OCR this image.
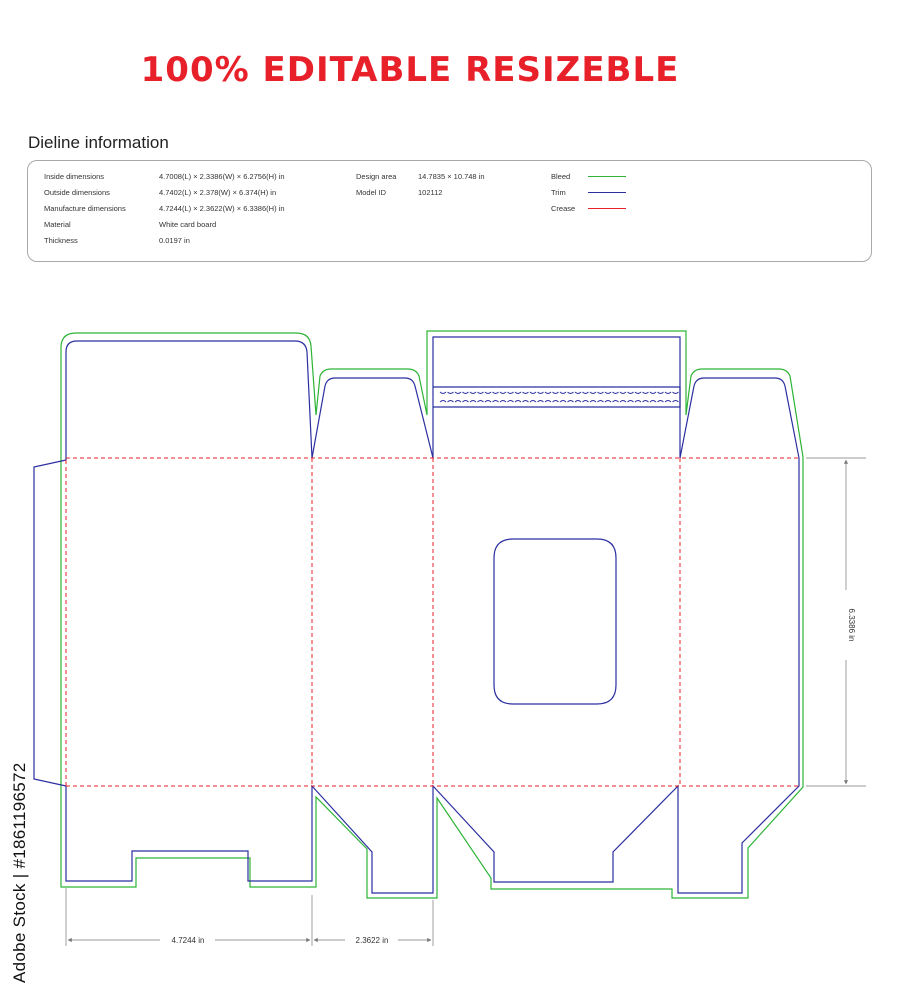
100% EDITABLE RESIZEBLE
Dieline information
Inside dimensions	4.7008(L) × 2.3386(W) × 6.2756(H) in
Outside dimensions	4.7402(L) × 2.378(W) × 6.374(H) in
Manufacture dimensions	4.7244(L) × 2.3622(W) × 6.3386(H) in
Material	White card board
Thickness	0.0197 in
Design area	14.7835 × 10.748 in
Model ID	102112
Bleed
Trim
Crease
4.7244 in	2.3622 in
6.3386 in
Adobe Stock | #1861196572
